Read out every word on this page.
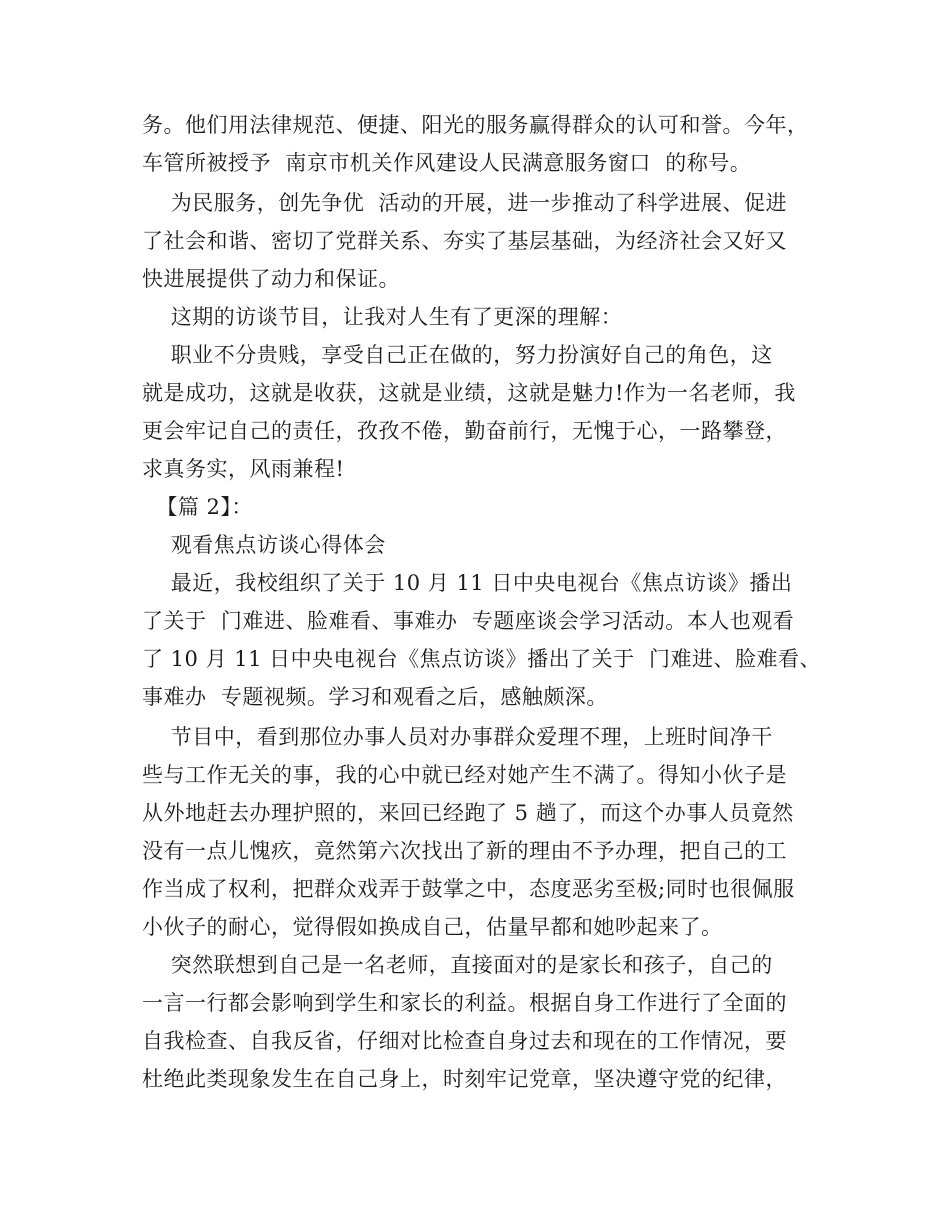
务。他们用法律规范、便捷、阳光的服务赢得群众的认可和誉。今年，
车管所被授予  南京市机关作风建设人民满意服务窗口  的称号。
为民服务，创先争优  活动的开展，进一步推动了科学进展、促进
了社会和谐、密切了党群关系、夯实了基层基础，为经济社会又好又
快进展提供了动力和保证。
这期的访谈节目，让我对人生有了更深的理解：
职业不分贵贱，享受自己正在做的，努力扮演好自己的角色，这
就是成功，这就是收获，这就是业绩，这就是魅力!作为一名老师，我
更会牢记自己的责任，孜孜不倦，勤奋前行，无愧于心，一路攀登，
求真务实，风雨兼程!
【篇 2】：
观看焦点访谈心得体会
最近，我校组织了关于 10 月 11 日中央电视台《焦点访谈》播出
了关于  门难进、脸难看、事难办  专题座谈会学习活动。本人也观看
了 10 月 11 日中央电视台《焦点访谈》播出了关于  门难进、脸难看、
事难办  专题视频。学习和观看之后，感触颇深。
节目中，看到那位办事人员对办事群众爱理不理，上班时间净干
些与工作无关的事，我的心中就已经对她产生不满了。得知小伙子是
从外地赶去办理护照的，来回已经跑了 5 趟了，而这个办事人员竟然
没有一点儿愧疚，竟然第六次找出了新的理由不予办理，把自己的工
作当成了权利，把群众戏弄于鼓掌之中，态度恶劣至极;同时也很佩服
小伙子的耐心，觉得假如换成自己，估量早都和她吵起来了。
突然联想到自己是一名老师，直接面对的是家长和孩子，自己的
一言一行都会影响到学生和家长的利益。根据自身工作进行了全面的
自我检查、自我反省，仔细对比检查自身过去和现在的工作情况，要
杜绝此类现象发生在自己身上，时刻牢记党章，坚决遵守党的纪律，
